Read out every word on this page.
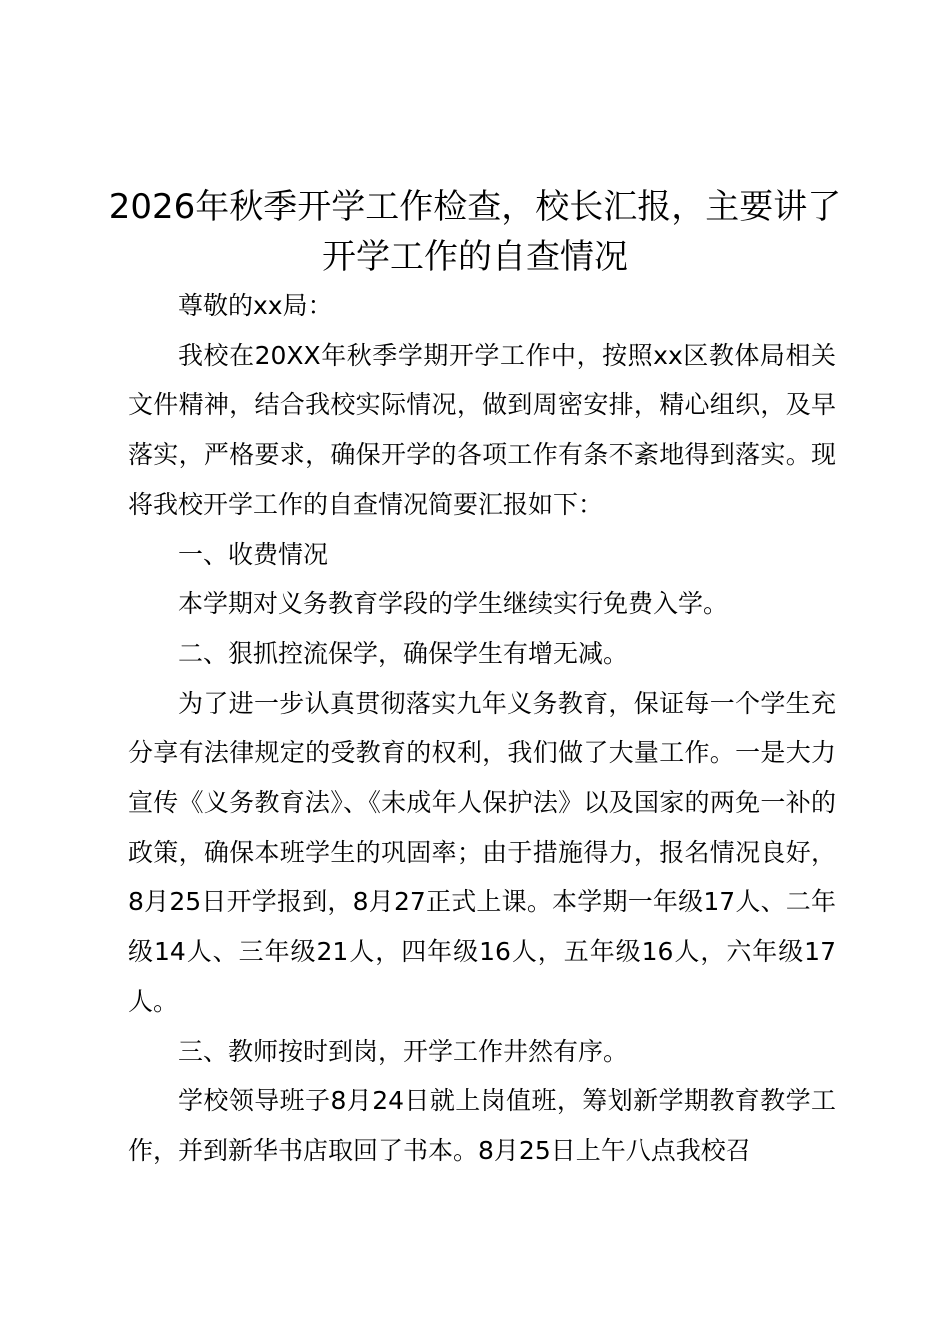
2026年秋季开学工作检查，校长汇报，主要讲了开学工作的自查情况

尊敬的xx局：

我校在20XX年秋季学期开学工作中，按照xx区教体局相关文件精神，结合我校实际情况，做到周密安排，精心组织，及早落实，严格要求，确保开学的各项工作有条不紊地得到落实。现将我校开学工作的自查情况简要汇报如下：

一、收费情况

本学期对义务教育学段的学生继续实行免费入学。

二、狠抓控流保学，确保学生有增无减。

为了进一步认真贯彻落实九年义务教育，保证每一个学生充分享有法律规定的受教育的权利，我们做了大量工作。一是大力宣传《义务教育法》、《未成年人保护法》以及国家的两免一补的政策，确保本班学生的巩固率；由于措施得力，报名情况良好，8月25日开学报到，8月27正式上课。本学期一年级17人、二年级14人、三年级21人，四年级16人，五年级16人，六年级17人。

三、教师按时到岗，开学工作井然有序。

学校领导班子8月24日就上岗值班，筹划新学期教育教学工作，并到新华书店取回了书本。8月25日上午八点我校召
